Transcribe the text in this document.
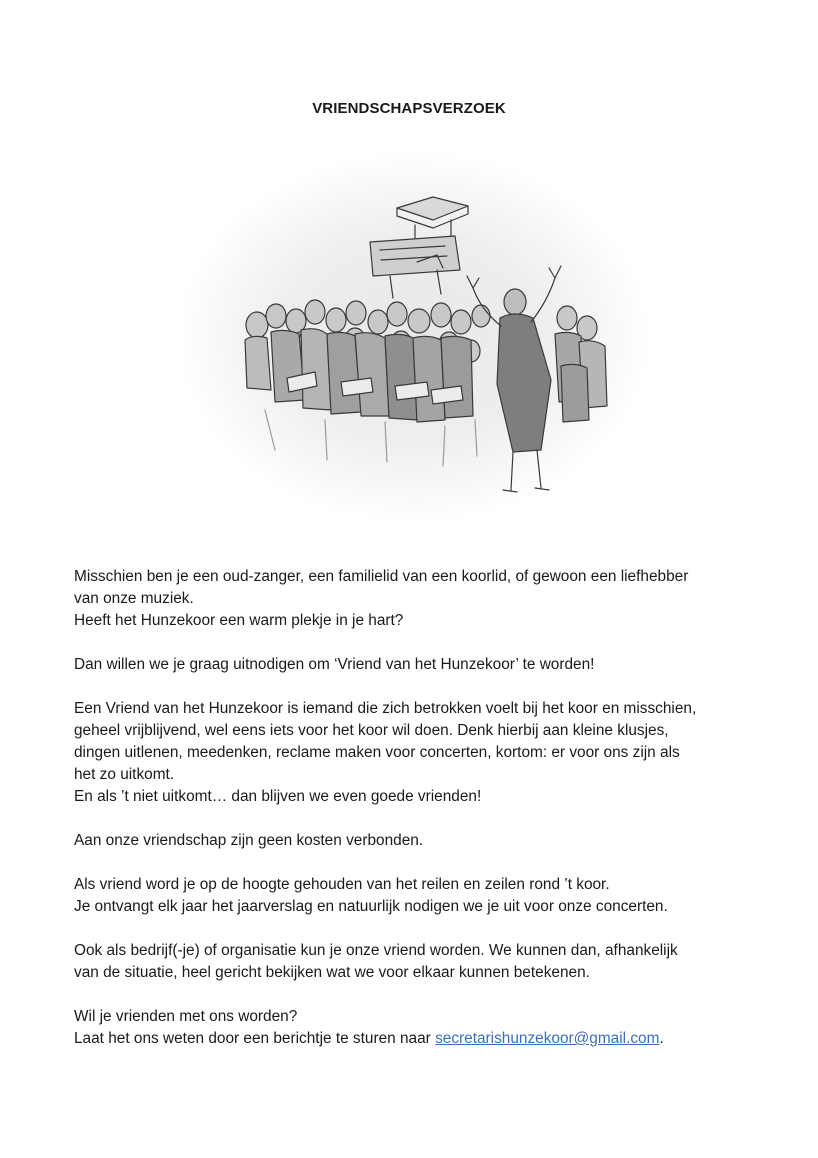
VRIENDSCHAPSVERZOEK

Misschien ben je een oud-zanger, een familielid van een koorlid, of gewoon een liefhebber
van onze muziek.
Heeft het Hunzekoor een warm plekje in je hart?

Dan willen we je graag uitnodigen om ‘Vriend van het Hunzekoor’ te worden!

Een Vriend van het Hunzekoor is iemand die zich betrokken voelt bij het koor en misschien,
geheel vrijblijvend, wel eens iets voor het koor wil doen. Denk hierbij aan kleine klusjes,
dingen uitlenen, meedenken, reclame maken voor concerten, kortom: er voor ons zijn als
het zo uitkomt.
En als ’t niet uitkomt… dan blijven we even goede vrienden!

Aan onze vriendschap zijn geen kosten verbonden.

Als vriend word je op de hoogte gehouden van het reilen en zeilen rond ’t koor.
Je ontvangt elk jaar het jaarverslag en natuurlijk nodigen we je uit voor onze concerten.

Ook als bedrijf(-je) of organisatie kun je onze vriend worden. We kunnen dan, afhankelijk
van de situatie, heel gericht bekijken wat we voor elkaar kunnen betekenen.

Wil je vrienden met ons worden?
Laat het ons weten door een berichtje te sturen naar secretarishunzekoor@gmail.com.
